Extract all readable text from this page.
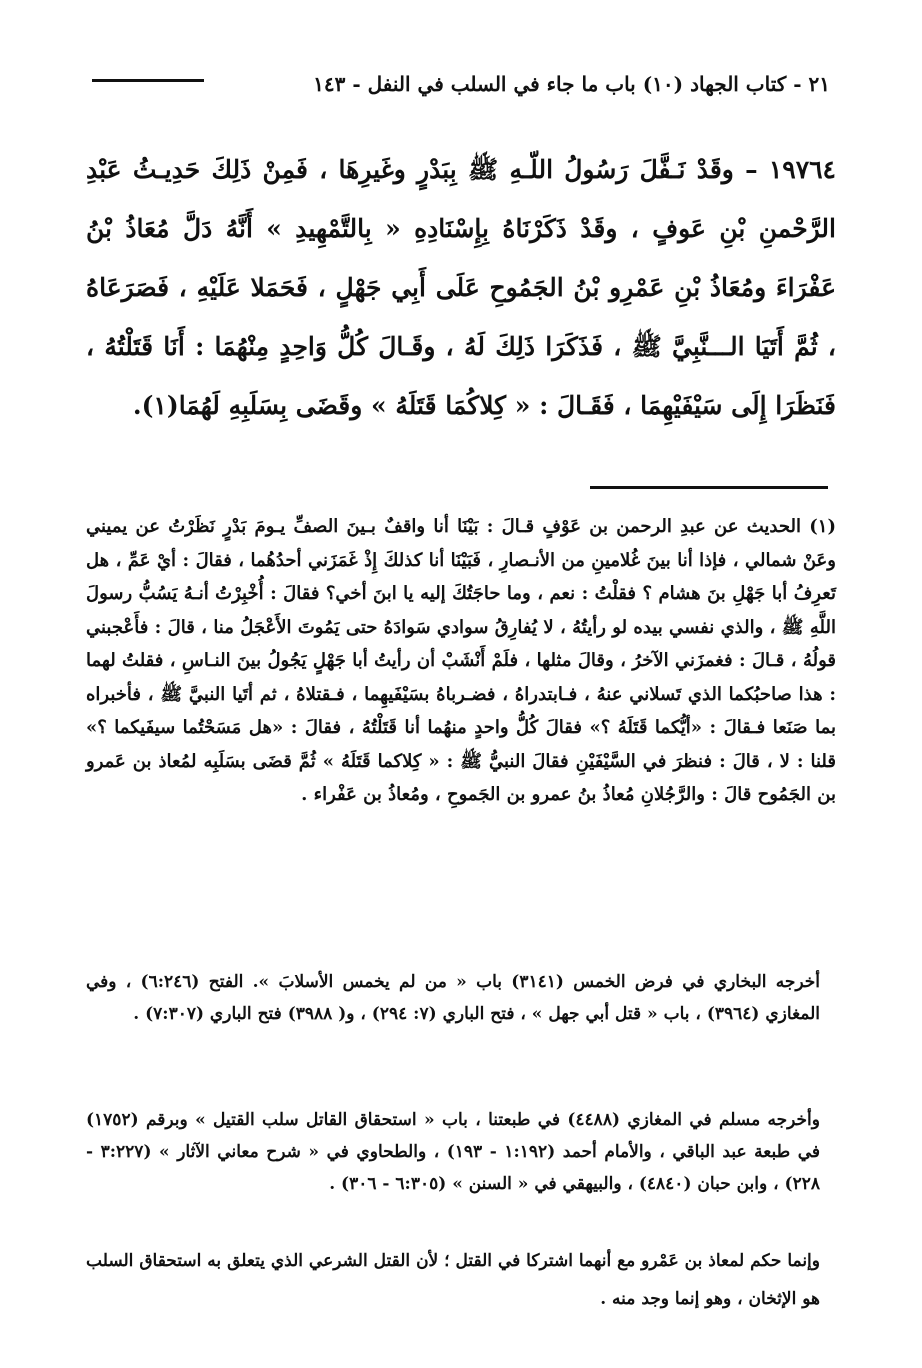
٢١ - كتاب الجهاد (١٠) باب ما جاء في السلب في النفل - ١٤٣

١٩٧٦٤ – وقَدْ نَـفَّلَ رَسُولُ اللّـهِ ﷺ بِبَدْرٍ وغَيرِهَا ، فَمِنْ ذَلِكَ حَدِيـثُ عَبْدِ الرَّحْمنِ بْنِ عَوفٍ ، وقَدْ ذَكَرْنَاهُ بِإِسْنَادِهِ « بِالتَّمْهِيدِ » أَنَّهُ دَلَّ مُعَاذُ بْنُ عَفْرَاءَ ومُعَاذُ بْنِ عَمْرِو بْنُ الجَمُوحِ عَلَى أَبِي جَهْلٍ ، فَحَمَلا عَلَيْهِ ، فَصَرَعَاهُ ، ثُمَّ أَتَيَا الـــنَّبِيَّ ﷺ ، فَذَكَرَا ذَلِكَ لَهُ ، وقَـالَ كُلُّ وَاحِدٍ مِنْهُمَا : أَنَا قَتَلْتُهُ ، فَنَظَرَا إِلَى سَيْفَيْهِمَا ، فَقَـالَ : « كِلاكُمَا قَتَلَهُ » وقَضَى بِسَلَبِهِ لَهُمَا(١).

(١) الحديث عن عبدِ الرحمن بن عَوْفٍ قـالَ : بَيْنَا أنا واقفٌ بـينَ الصفِّ يـومَ بَدْرٍ نَظَرْتُ عن يميني وعَنْ شمالي ، فإذا أنا بينَ غُلامينِ من الأنـصارِ ، فَبَيْنَا أنا كذلكَ إِذْ غَمَزَني أحدُهُما ، فقالَ : أيْ عَمِّ ، هل تَعرِفُ أبا جَهْلِ بنَ هشام ؟ فقلْتُ : نعم ، وما حاجَتُكَ إليه يا ابنَ أخي؟ فقالَ : أُخْبِرْتُ أنـهُ يَسُبُّ رسولَ اللَّهِ ﷺ ، والذي نفسي بيده لو رأيتُهُ ، لا يُفارِقُ سوادي سَوادَهُ حتى يَمُوتَ الأَعْجَلُ منا ، قالَ : فأَعْجبني قولُهُ ، قـالَ : فغمزَني الآخرُ ، وقالَ مثلها ، فلَمْ أَنْشَبْ أن رأيتُ أبا جَهْلٍ يَجُولُ بينَ النـاسِ ، فقلتُ لهما : هذا صاحبُكما الذي تَسلاني عنهُ ، فـابتدراهُ ، فضـرباهُ بسَيْفَيهِما ، فـقتلاهُ ، ثم أتَيا النبيَّ ﷺ ، فأخبراه بما صَنَعا فـقالَ : «أيُّكما قَتَلَهُ ؟» فقالَ كُلُّ واحدٍ منهُما أنا قَتَلْتُهُ ، فقالَ : «هل مَسَحْتُما سيفَيكما ؟» قلنا : لا ، قالَ : فنظرَ في السَّيْفَيْنِ فقالَ النبيُّ ﷺ : « كِلاكما قَتَلَهُ » ثُمَّ قضَى بسَلَبِه لمُعاذ بن عَمرو بن الجَمُوح قالَ : والرَّجُلانِ مُعاذُ بنُ عمرو بن الجَموحِ ، ومُعاذُ بن عَفْراء .

أخرجه البخاري في فرض الخمس (٣١٤١) باب « من لم يخمس الأسلابَ ». الفتح (٦:٢٤٦) ، وفي المغازي (٣٩٦٤) ، باب « قتل أبي جهل » ، فتح الباري (٧: ٢٩٤) ، و( ٣٩٨٨) فتح الباري (٧:٣٠٧) .

وأخرجه مسلم في المغازي (٤٤٨٨) في طبعتنا ، باب « استحقاق القاتل سلب القتيل » وبرقم (١٧٥٢) في طبعة عبد الباقي ، والأمام أحمد (١:١٩٢ - ١٩٣) ، والطحاوي في « شرح معاني الآثار » (٣:٢٢٧ - ٢٢٨) ، وابن حبان (٤٨٤٠) ، والبيهقي في « السنن » (٦:٣٠٥ - ٣٠٦) .

وإنما حكم لمعاذ بن عَمْرو مع أنهما اشتركا في القتل ؛ لأن القتل الشرعي الذي يتعلق به استحقاق السلب هو الإثخان ، وهو إنما وجد منه .
